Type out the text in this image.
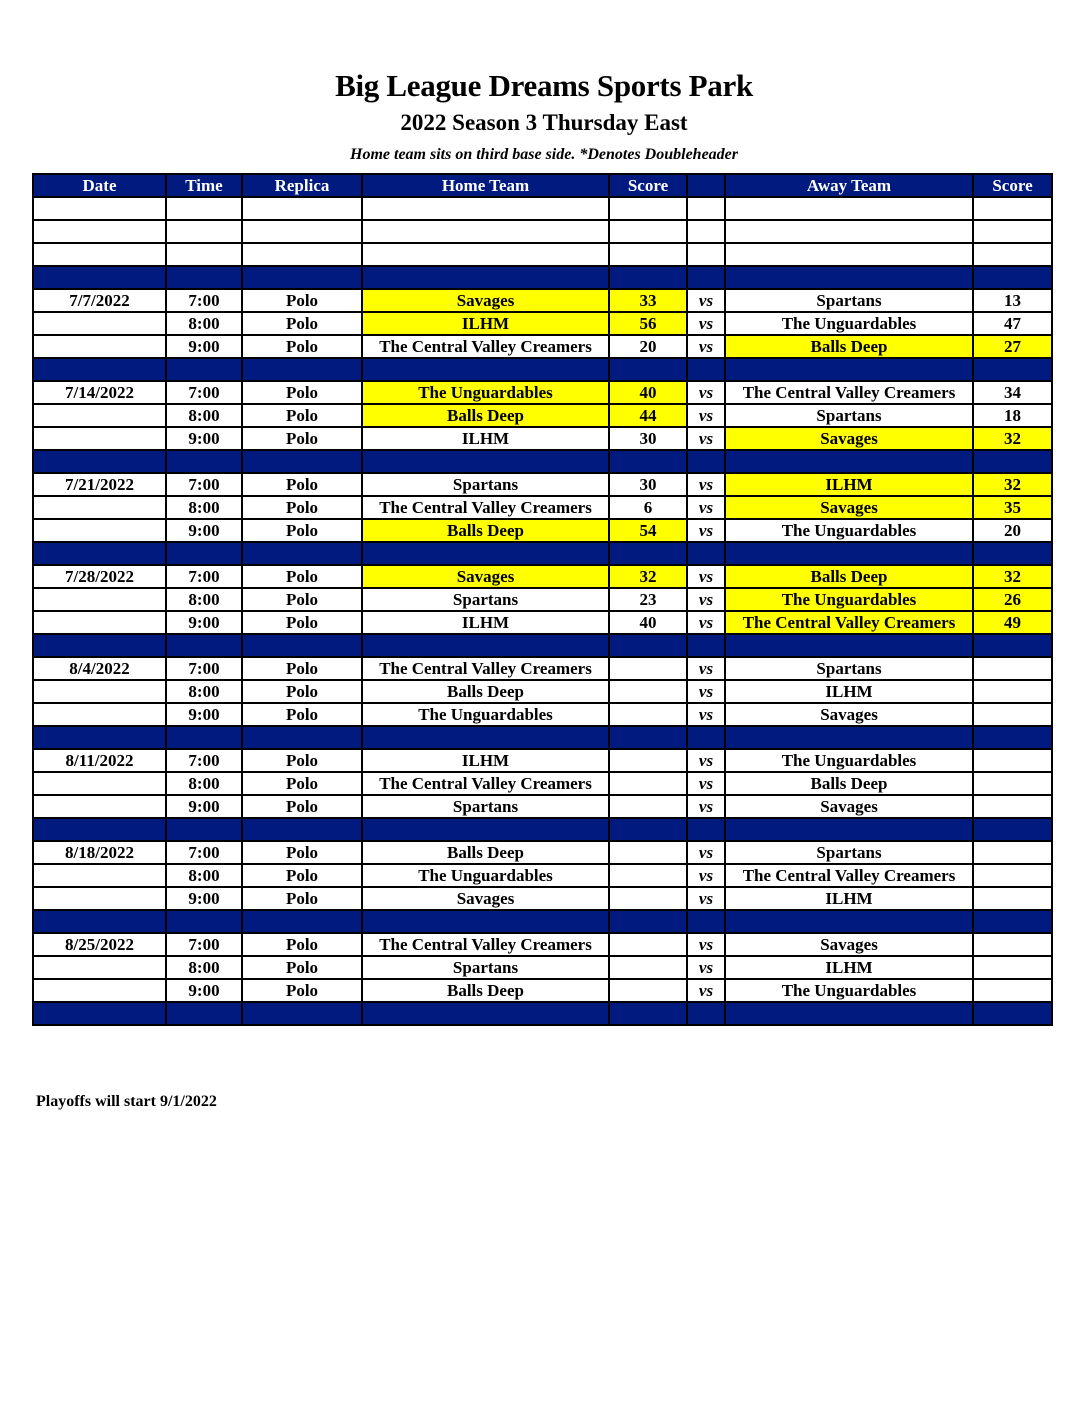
Big League Dreams Sports Park
2022 Season 3 Thursday East
Home team sits on third base side. *Denotes Doubleheader
Date	Time	Replica	Home Team	Score		Away Team	Score

7/7/2022	7:00	Polo	Savages	33	vs	Spartans	13
	8:00	Polo	ILHM	56	vs	The Unguardables	47
	9:00	Polo	The Central Valley Creamers	20	vs	Balls Deep	27

7/14/2022	7:00	Polo	The Unguardables	40	vs	The Central Valley Creamers	34
	8:00	Polo	Balls Deep	44	vs	Spartans	18
	9:00	Polo	ILHM	30	vs	Savages	32

7/21/2022	7:00	Polo	Spartans	30	vs	ILHM	32
	8:00	Polo	The Central Valley Creamers	6	vs	Savages	35
	9:00	Polo	Balls Deep	54	vs	The Unguardables	20

7/28/2022	7:00	Polo	Savages	32	vs	Balls Deep	32
	8:00	Polo	Spartans	23	vs	The Unguardables	26
	9:00	Polo	ILHM	40	vs	The Central Valley Creamers	49

8/4/2022	7:00	Polo	The Central Valley Creamers		vs	Spartans	
	8:00	Polo	Balls Deep		vs	ILHM	
	9:00	Polo	The Unguardables		vs	Savages	

8/11/2022	7:00	Polo	ILHM		vs	The Unguardables	
	8:00	Polo	The Central Valley Creamers		vs	Balls Deep	
	9:00	Polo	Spartans		vs	Savages	

8/18/2022	7:00	Polo	Balls Deep		vs	Spartans	
	8:00	Polo	The Unguardables		vs	The Central Valley Creamers	
	9:00	Polo	Savages		vs	ILHM	

8/25/2022	7:00	Polo	The Central Valley Creamers		vs	Savages	
	8:00	Polo	Spartans		vs	ILHM	
	9:00	Polo	Balls Deep		vs	The Unguardables	

Playoffs will start 9/1/2022
